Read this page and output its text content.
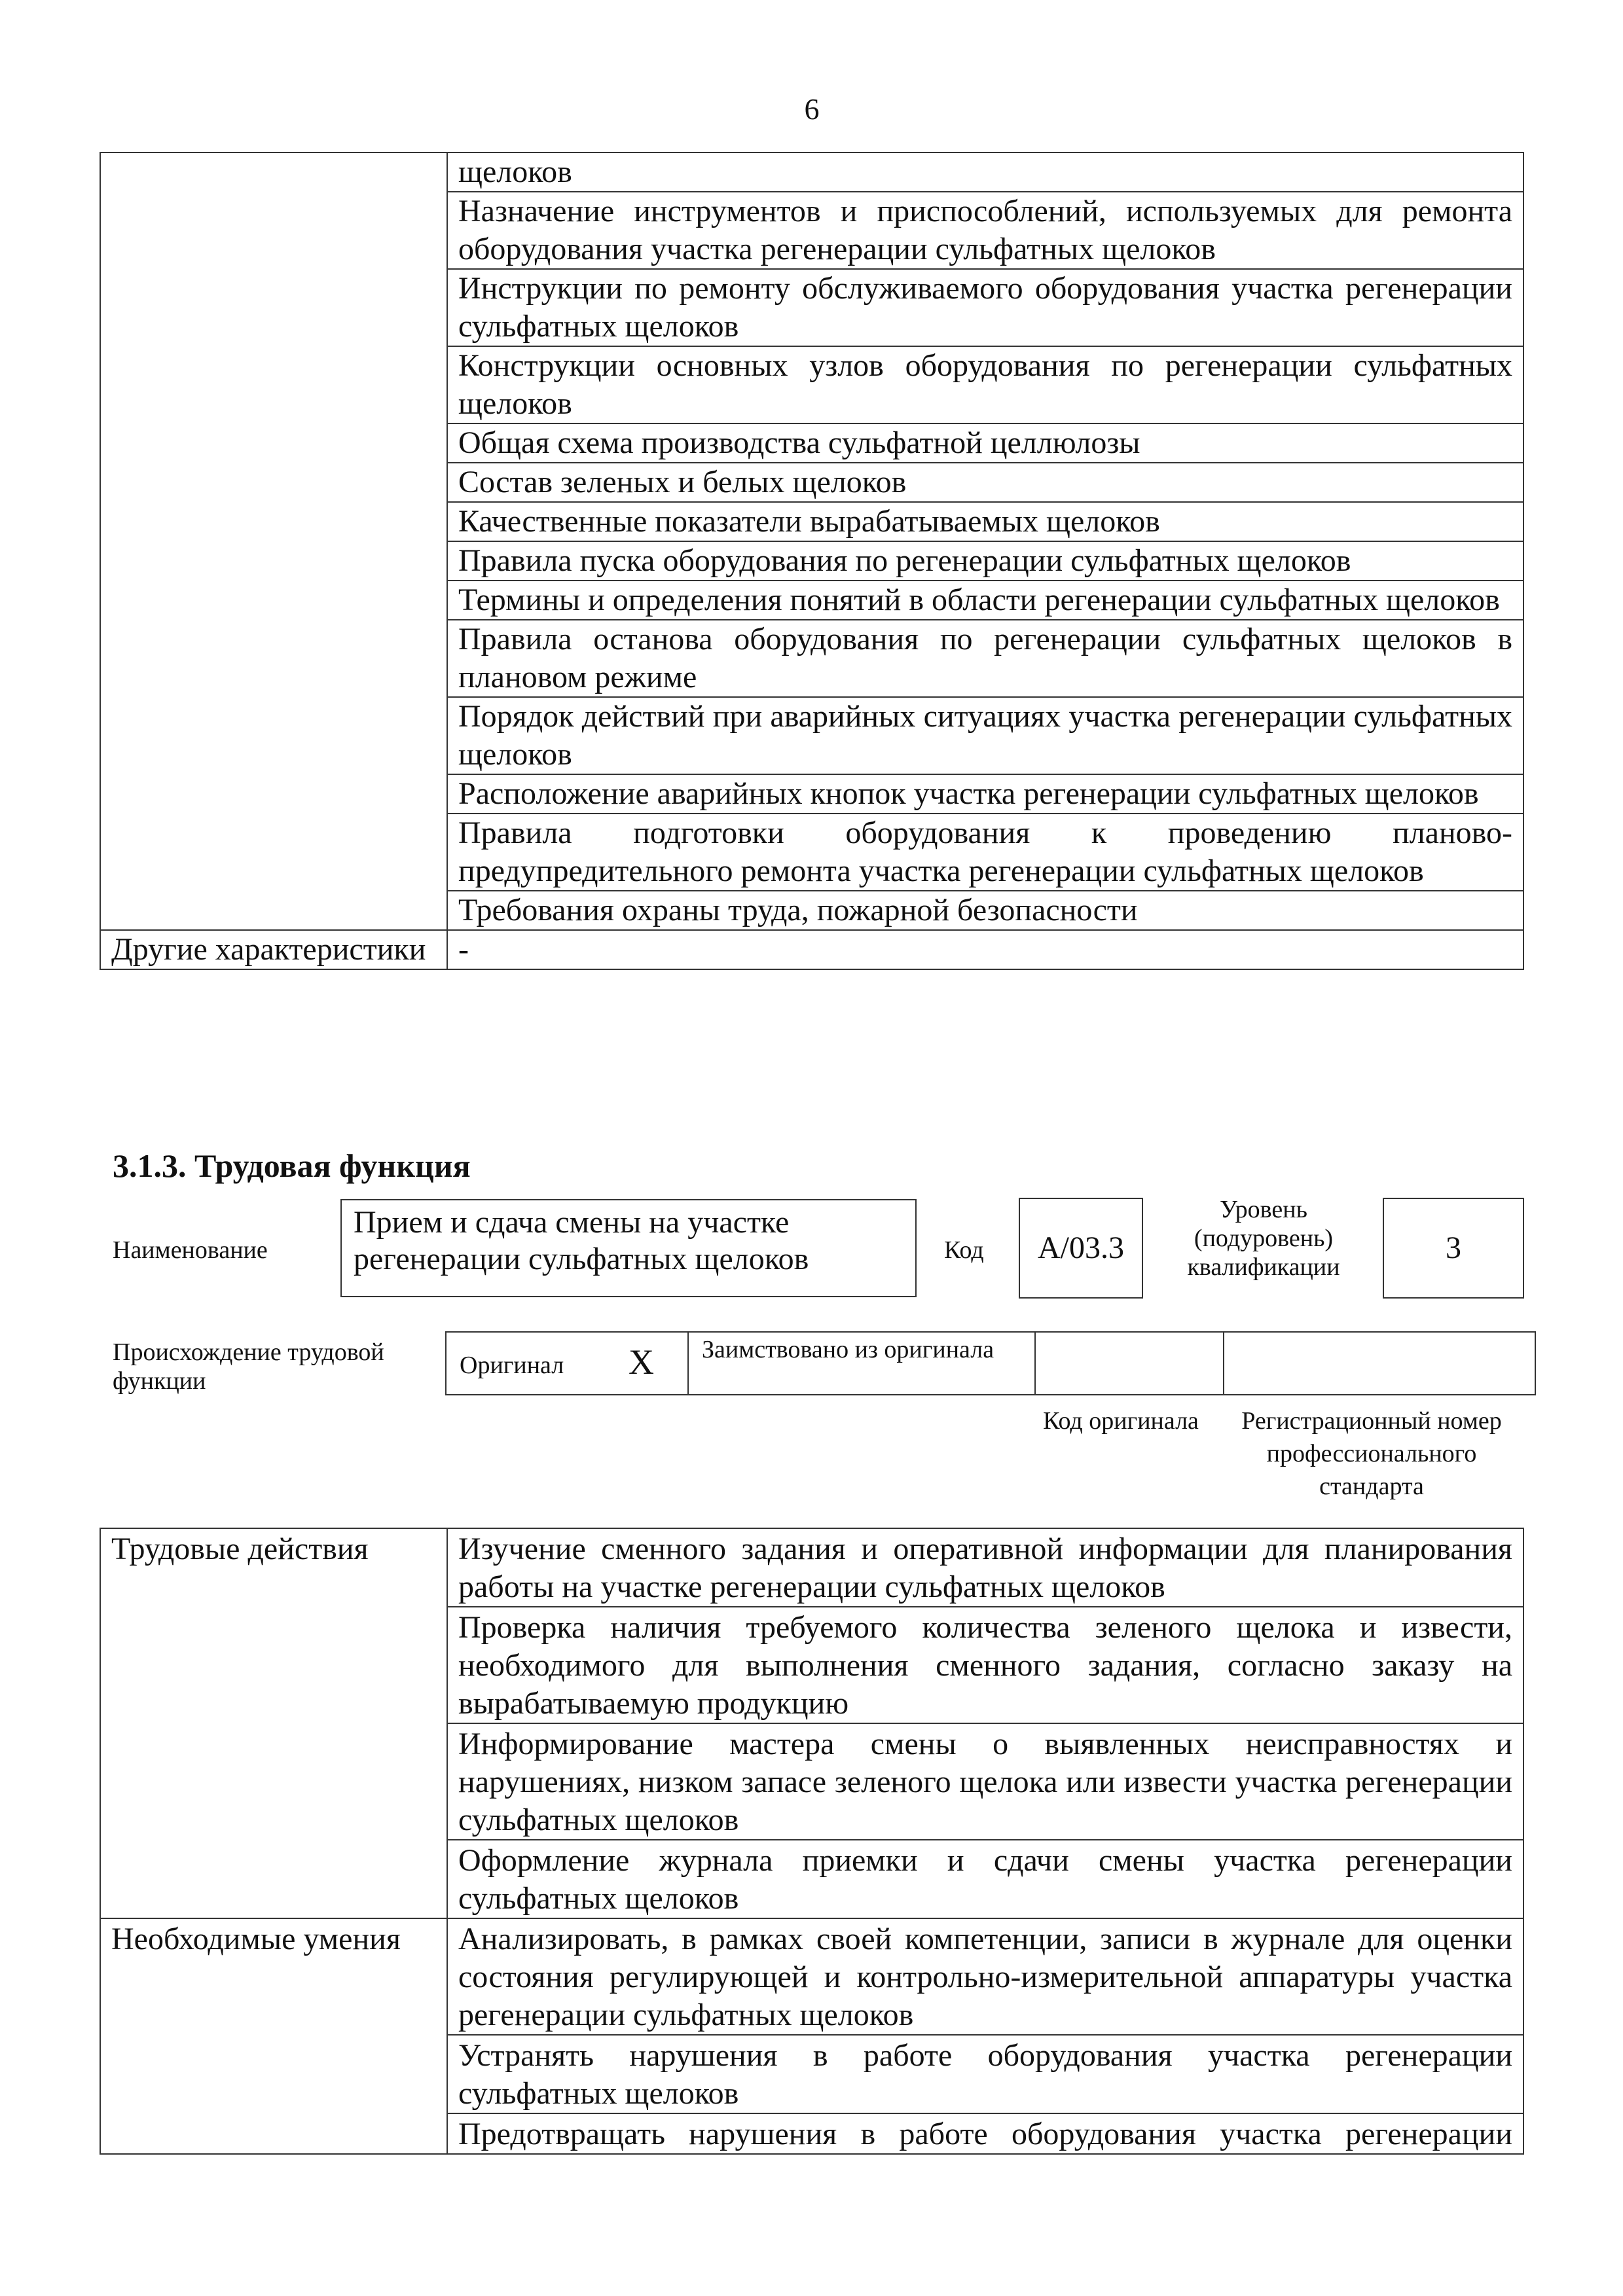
6
	щелоков
	Назначение инструментов и приспособлений, используемых для ремонта оборудования участка регенерации сульфатных щелоков
	Инструкции по ремонту обслуживаемого оборудования участка регенерации сульфатных щелоков
	Конструкции основных узлов оборудования по регенерации сульфатных щелоков
	Общая схема производства сульфатной целлюлозы
	Состав зеленых и белых щелоков
	Качественные показатели вырабатываемых щелоков
	Правила пуска оборудования по регенерации сульфатных щелоков
	Термины и определения понятий в области регенерации сульфатных щелоков
	Правила останова оборудования по регенерации сульфатных щелоков в плановом режиме
	Порядок действий при аварийных ситуациях участка регенерации сульфатных щелоков
	Расположение аварийных кнопок участка регенерации сульфатных щелоков
	Правила подготовки оборудования к проведению планово-предупредительного ремонта участка регенерации сульфатных щелоков
	Требования охраны труда, пожарной безопасности
Другие характеристики	-
3.1.3. Трудовая функция
Наименование
Прием и сдача смены на участке регенерации сульфатных щелоков	Код	A/03.3
Уровень (подуровень) квалификации
3
Происхождение трудовой функции
Оригинал X Заимствовано из оригинала
Код оригинала	Регистрационный номер профессионального стандарта
Трудовые действия	Изучение сменного задания и оперативной информации для планирования работы на участке регенерации сульфатных щелоков
	Проверка наличия требуемого количества зеленого щелока и извести, необходимого для выполнения сменного задания, согласно заказу на вырабатываемую продукцию
	Информирование мастера смены о выявленных неисправностях и нарушениях, низком запасе зеленого щелока или извести участка регенерации сульфатных щелоков
	Оформление журнала приемки и сдачи смены участка регенерации сульфатных щелоков
Необходимые умения	Анализировать, в рамках своей компетенции, записи в журнале для оценки состояния регулирующей и контрольно-измерительной аппаратуры участка регенерации сульфатных щелоков
	Устранять нарушения в работе оборудования участка регенерации сульфатных щелоков
	Предотвращать нарушения в работе оборудования участка регенерации
